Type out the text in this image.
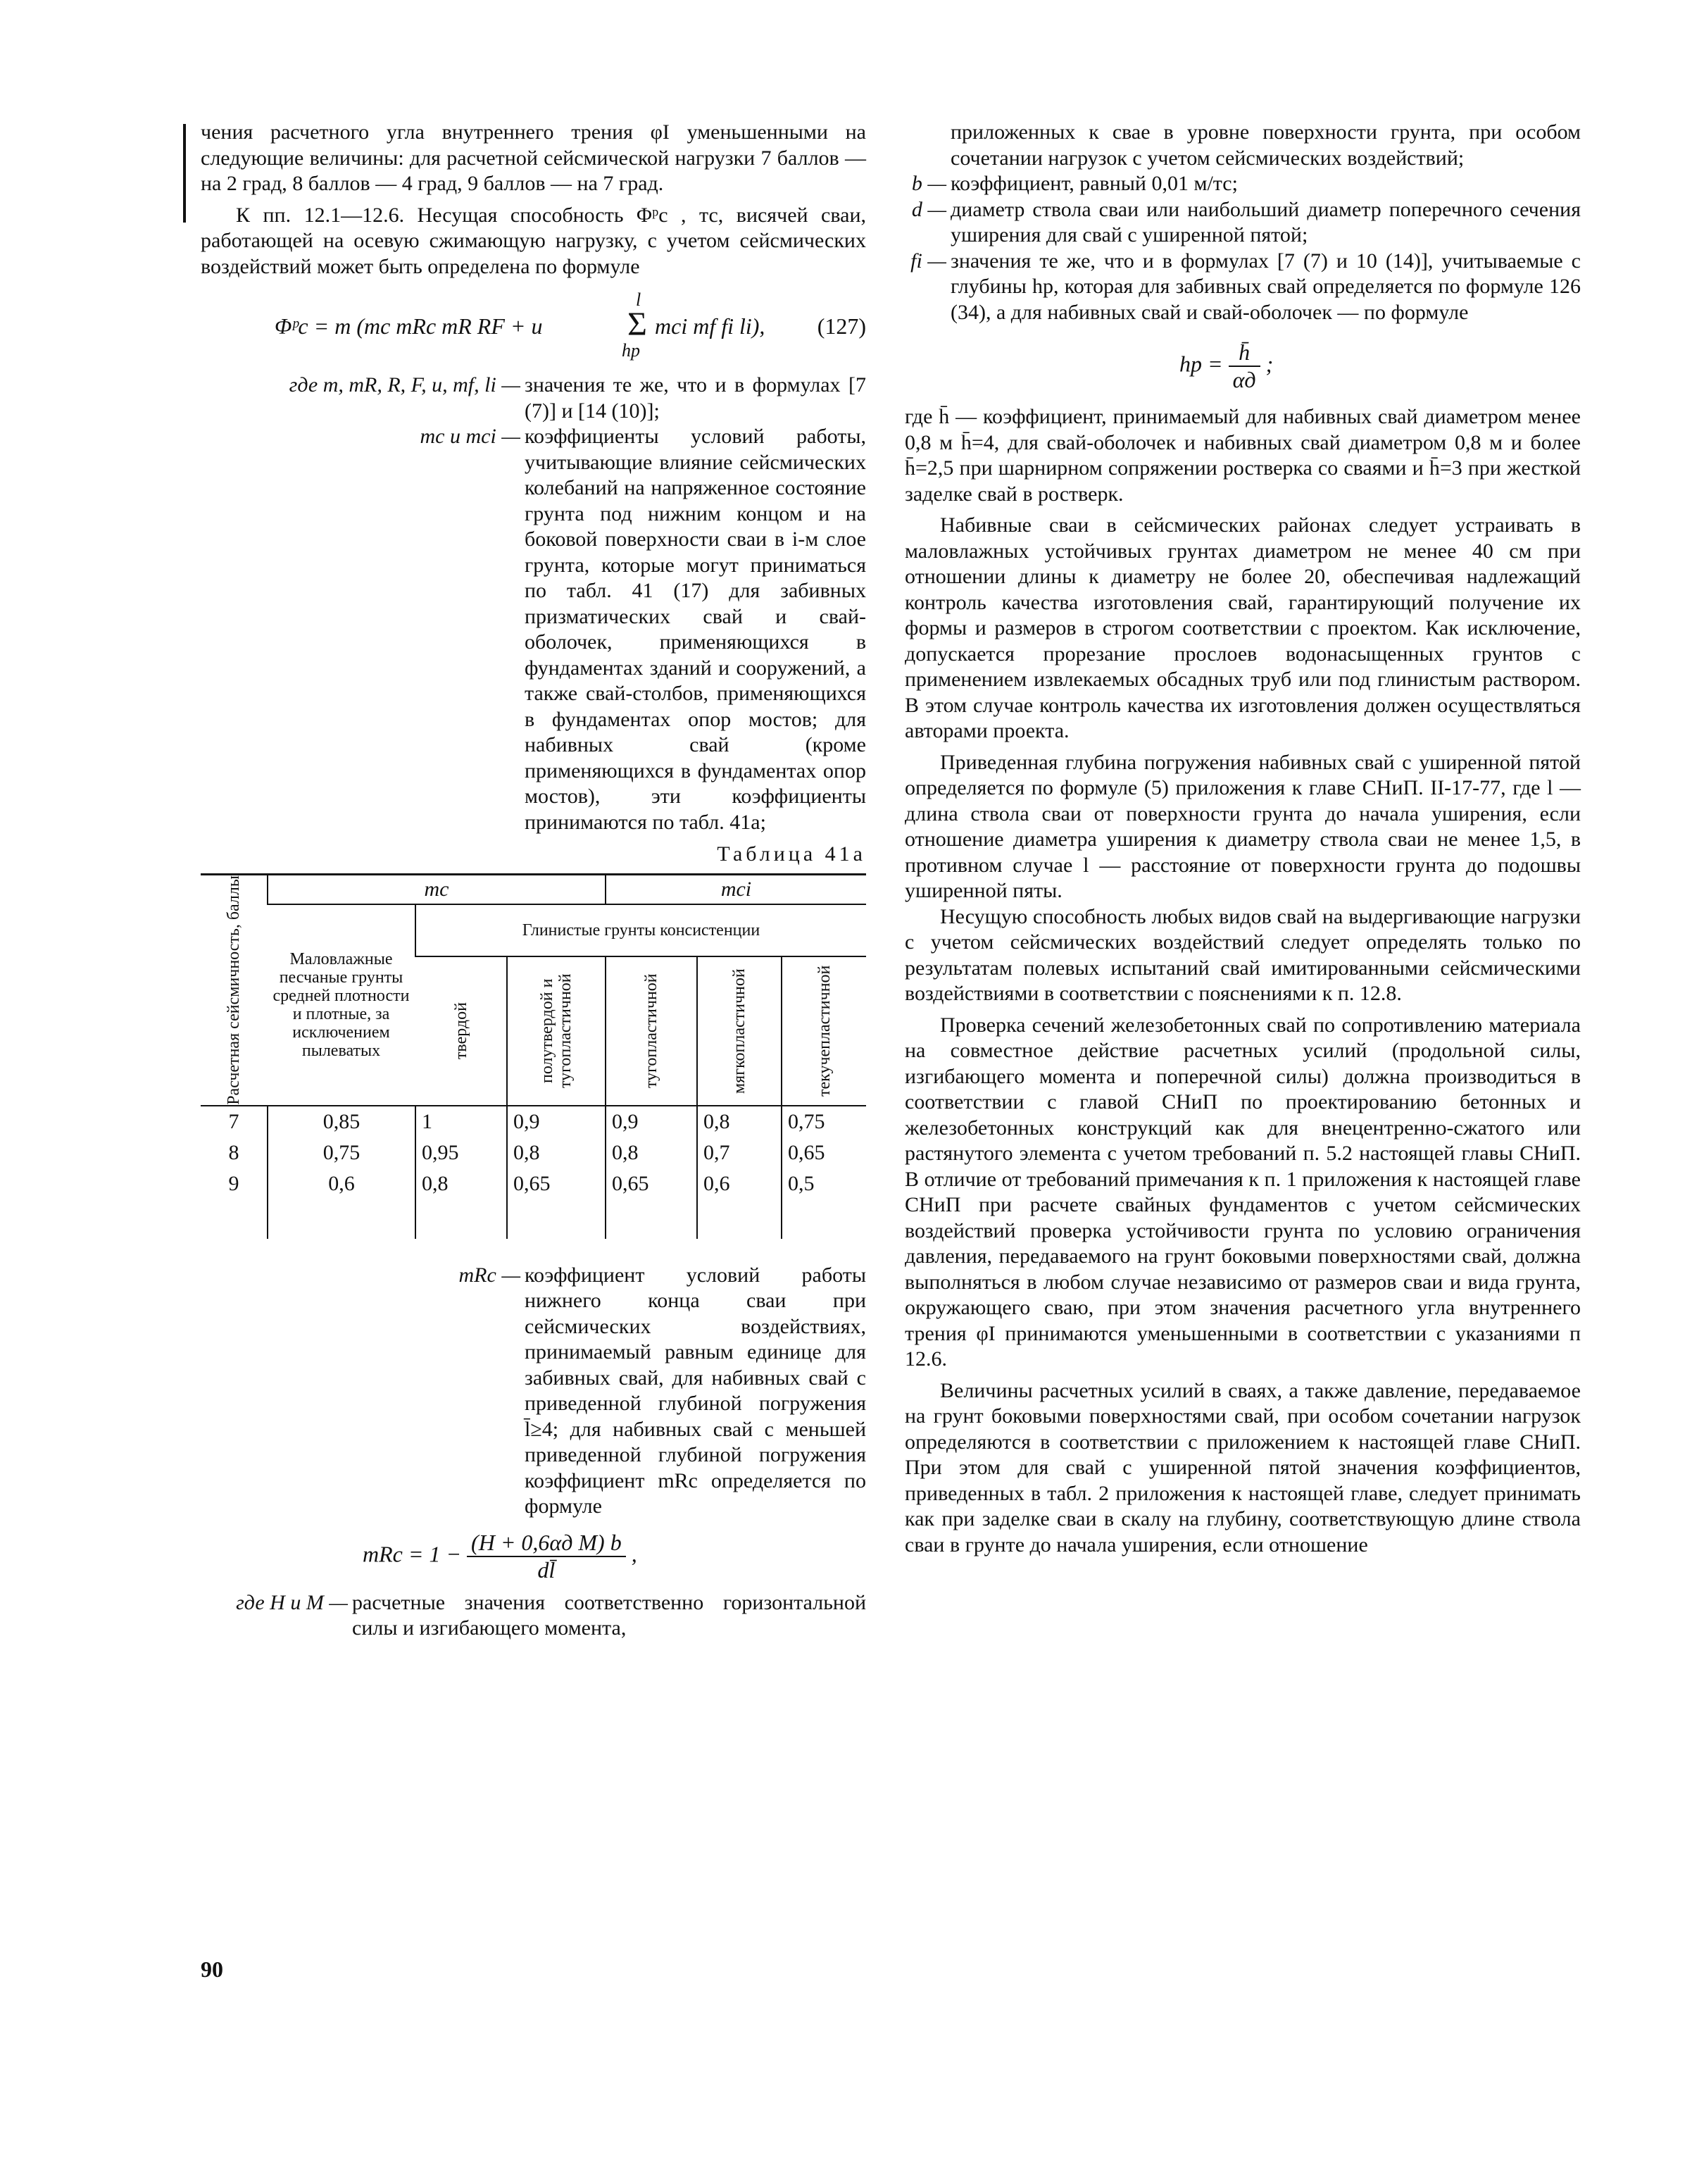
чения расчетного угла внутреннего трения φI уменьшенными на следующие величины: для расчетной сейсмической нагрузки 7 баллов — на 2 град, 8 баллов — 4 град, 9 баллов — на 7 град.

К пп. 12.1—12.6. Несущая способность Φᵖc , тс, висячей сваи, работающей на осевую сжимающую нагрузку, с учетом сейсмических воздействий может быть определена по формуле

Φᵖc = m (mc mRc mR RF + u
l
Σ
hp
mci mf fi li), (127)
где m, mR, R, F, u, mf, li — значения те же, что и в формулах [7 (7)] и [14 (10)];
mc и mci — коэффициенты условий работы, учитывающие влияние сейсмических колебаний на напряженное состояние грунта под нижним концом и на боковой поверхности сваи в i-м слое грунта, которые могут приниматься по табл. 41 (17) для забивных призматических свай и свай-оболочек, применяющихся в фундаментах зданий и сооружений, а также свай-столбов, применяющихся в фундаментах опор мостов; для набивных свай (кроме применяющихся в фундаментах опор мостов), эти коэффициенты принимаются по табл. 41а;
Таблица 41а
Расчетная сейсмичность, баллы	mc			mci		
	Маловлажные песчаные грунты средней плотности и плотные, за исключением пылеватых	Глинистые грунты консистенции				

		твердой	полутвердой и тугопластичной	тугопластичной	мягкопластичной	текучепластичной

7	0,85	1	0,9	0,9	0,8	0,75
8	0,75	0,95	0,8	0,8	0,7	0,65
9	0,6	0,8	0,65	0,65	0,6	0,5
mRc — коэффициент условий работы нижнего конца сваи при сейсмических воздействиях, принимаемый равным единице для забивных свай, для набивных свай с приведенной глубиной погружения l̄≥4; для набивных свай с меньшей приведенной глубиной погружения коэффициент mRc определяется по формуле
mRc = $1 - \frac{\text{(H + 0,6αд M) b}}{dl̄}$ ,
где H и M — расчетные значения соответственно горизонтальной силы и изгибающего момента,
приложенных к свае в уровне поверхности грунта, при особом сочетании нагрузок с учетом сейсмических воздействий;
b — коэффициент, равный 0,01 м/тс;
d — диаметр ствола сваи или наибольший диаметр поперечного сечения уширения для свай с уширенной пятой;
fi — значения те же, что и в формулах [7 (7) и 10 (14)], учитываемые с глубины hp, которая для забивных свай определяется по формуле 126 (34), а для набивных свай и свай-оболочек — по формуле
hp = $\frac{h̄}{\alpha д}$ ;

где h̄ — коэффициент, принимаемый для набивных свай диаметром менее 0,8 м h̄=4, для свай-оболочек и набивных свай диаметром 0,8 м и более h̄=2,5 при шарнирном сопряжении ростверка со сваями и h̄=3 при жесткой заделке свай в ростверк.

Набивные сваи в сейсмических районах следует устраивать в маловлажных устойчивых грунтах диаметром не менее 40 см при отношении длины к диаметру не более 20, обеспечивая надлежащий контроль качества изготовления свай, гарантирующий получение их формы и размеров в строгом соответствии с проектом. Как исключение, допускается прорезание прослоев водонасыщенных грунтов с применением извлекаемых обсадных труб или под глинистым раствором. В этом случае контроль качества их изготовления должен осуществляться авторами проекта.

Приведенная глубина погружения набивных свай с уширенной пятой определяется по формуле (5) приложения к главе СНиП. II-17-77, где l — длина ствола сваи от поверхности грунта до начала уширения, если отношение диаметра уширения к диаметру ствола сваи не менее 1,5, в противном случае l — расстояние от поверхности грунта до подошвы уширенной пяты.

Несущую способность любых видов свай на выдергивающие нагрузки с учетом сейсмических воздействий следует определять только по результатам полевых испытаний свай имитированными сейсмическими воздействиями в соответствии с пояснениями к п. 12.8.

Проверка сечений железобетонных свай по сопротивлению материала на совместное действие расчетных усилий (продольной силы, изгибающего момента и поперечной силы) должна производиться в соответствии с главой СНиП по проектированию бетонных и железобетонных конструкций как для внецентренно-сжатого или растянутого элемента с учетом требований п. 5.2 настоящей главы СНиП. В отличие от требований примечания к п. 1 приложения к настоящей главе СНиП при расчете свайных фундаментов с учетом сейсмических воздействий проверка устойчивости грунта по условию ограничения давления, передаваемого на грунт боковыми поверхностями свай, должна выполняться в любом случае независимо от размеров сваи и вида грунта, окружающего сваю, при этом значения расчетного угла внутреннего трения φI принимаются уменьшенными в соответствии с указаниями п 12.6.

Величины расчетных усилий в сваях, а также давление, передаваемое на грунт боковыми поверхностями свай, при особом сочетании нагрузок определяются в соответствии с приложением к настоящей главе СНиП. При этом для свай с уширенной пятой значения коэффициентов, приведенных в табл. 2 приложения к настоящей главе, следует принимать как при заделке сваи в скалу на глубину, соответствующую длине ствола сваи в грунте до начала уширения, если отношение

90
